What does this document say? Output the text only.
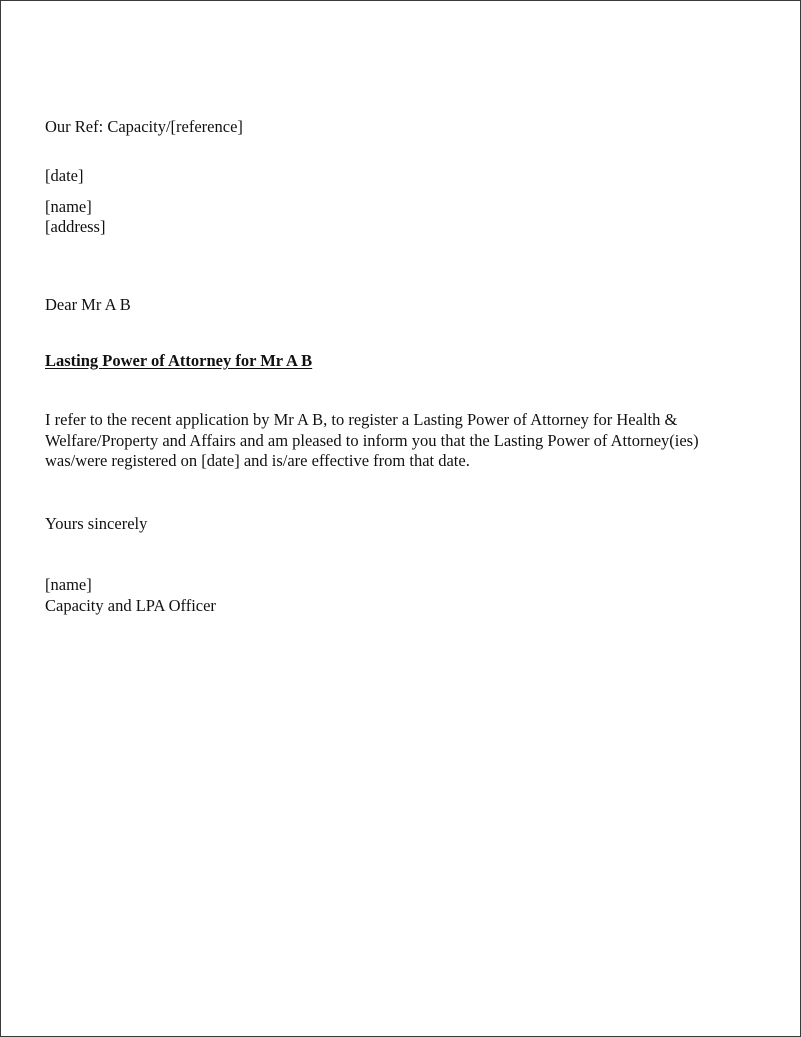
Our Ref: Capacity/[reference]

[date]

[name]

[address]

Dear Mr A B

Lasting Power of Attorney for Mr A B

I refer to the recent application by Mr A B, to register a Lasting Power of Attorney for Health &

Welfare/Property and Affairs and am pleased to inform you that the Lasting Power of Attorney(ies)

was/were registered on [date] and is/are effective from that date.

Yours sincerely

[name]

Capacity and LPA Officer
